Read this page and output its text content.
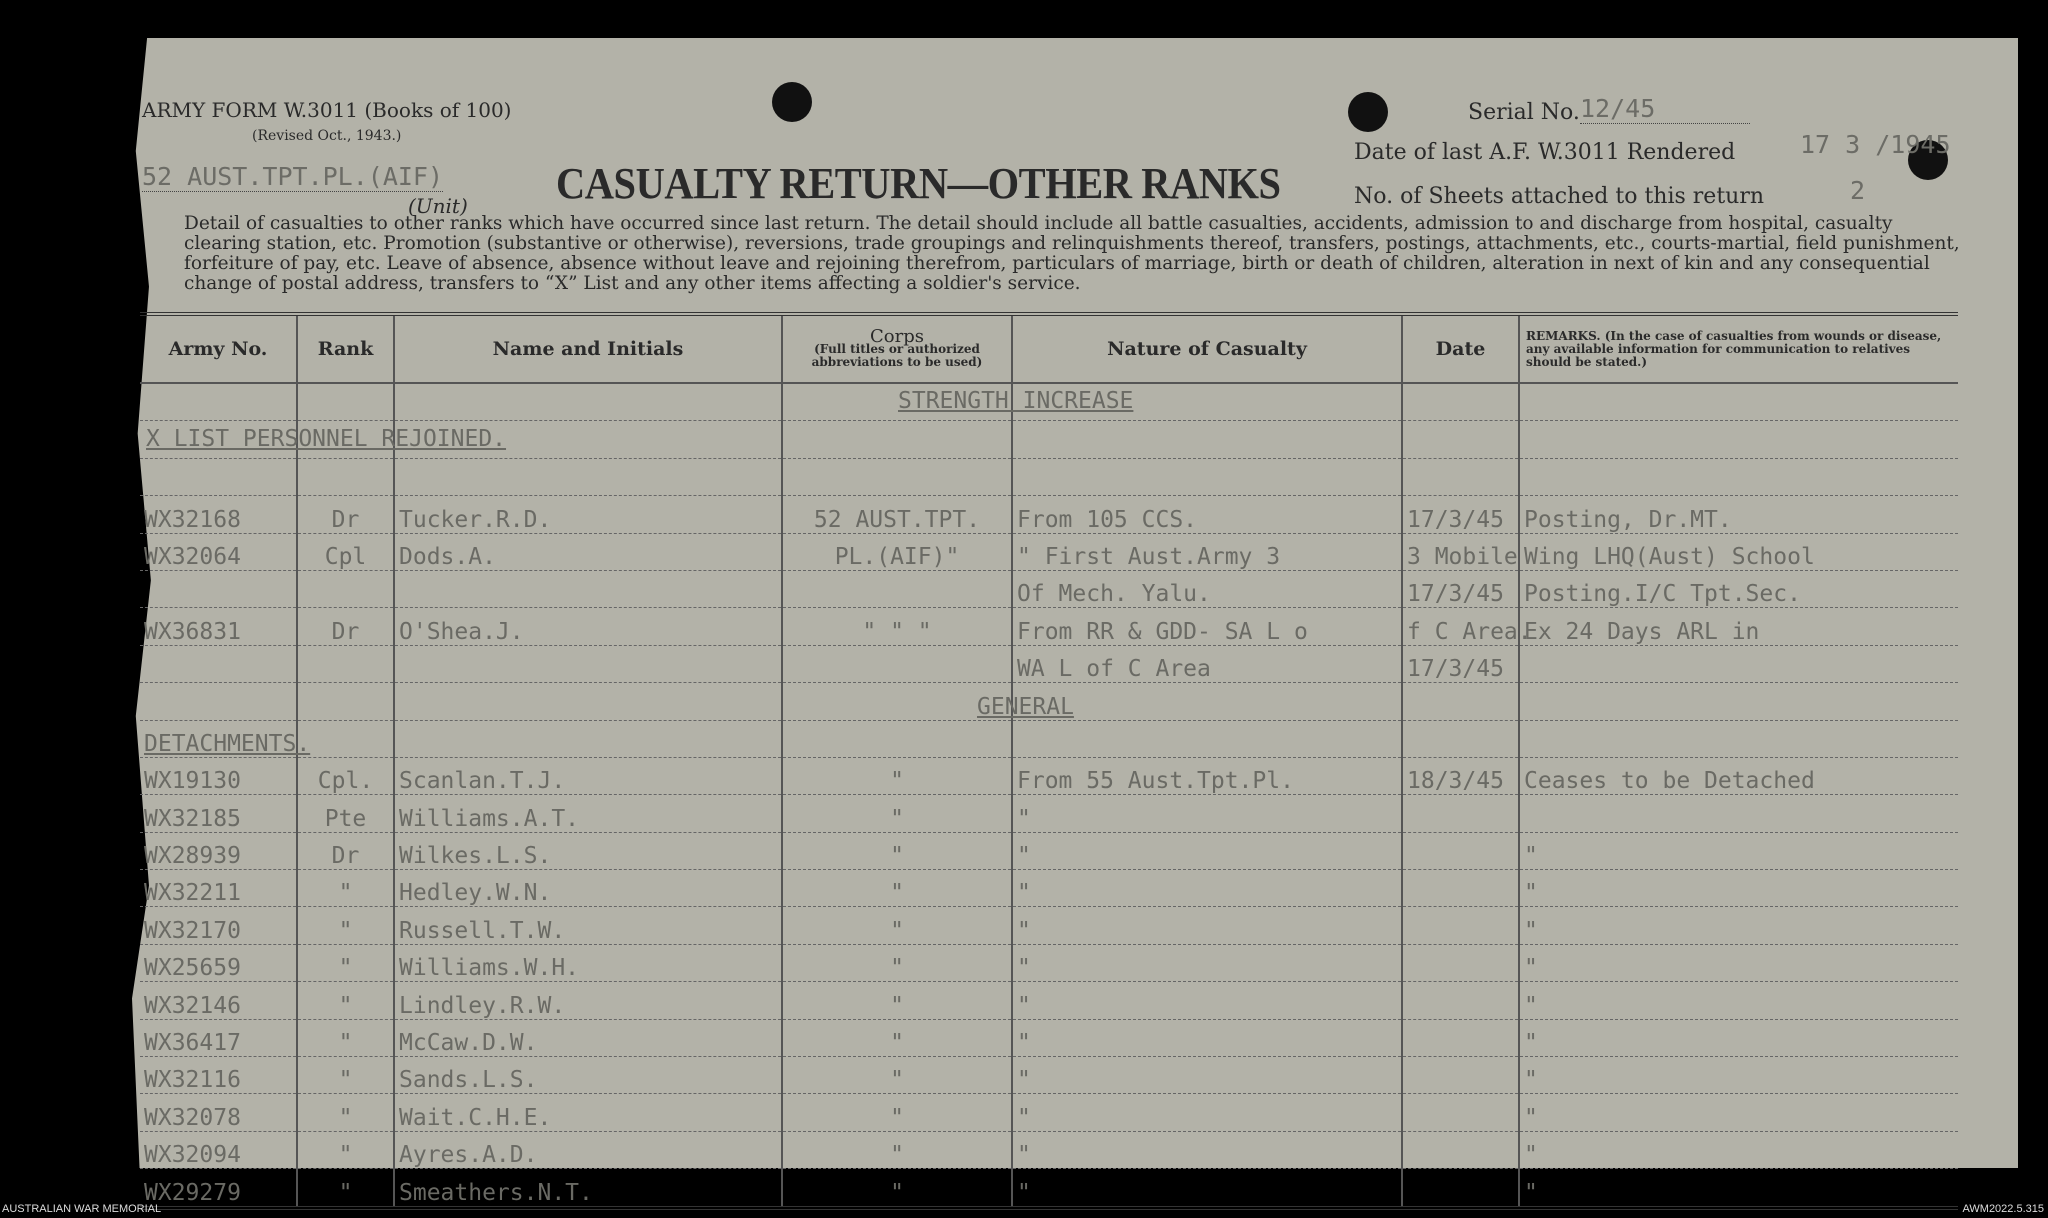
ARMY FORM W.3011 (Books of 100)
(Revised Oct., 1943.)
52 AUST.TPT.PL.(AIF)
(Unit) CASUALTY RETURN—OTHER RANKS
Serial No. 12/45
Date of last A.F. W.3011 Rendered	17 3 /1945
No. of Sheets attached to this return	2
Detail of casualties to other ranks which have occurred since last return. The detail should include all battle casualties, accidents, admission to and discharge from hospital, casualty clearing station, etc. Promotion (substantive or otherwise), reversions, trade groupings and relinquishments thereof, transfers, postings, attachments, etc., courts-martial, field punishment, forfeiture of pay, etc. Leave of absence, absence without leave and rejoining therefrom, particulars of marriage, birth or death of children, alteration in next of kin and any consequential change of postal address, transfers to “X” List and any other items affecting a soldier's service.
Army No.	Rank	Name and Initials	Corps
(Full titles or authorized abbreviations to be used)	Nature of Casualty	Date	REMARKS. (In the case of casualties from wounds or disease, any available information for communication to relatives should be stated.)

WX32168	Dr	Tucker.R.D.	52 AUST.TPT.	From 105 CCS.	17/3/45	Posting, Dr.MT.
WX32064	Cpl	Dods.A.	PL.(AIF)"	" First Aust.Army 3	3 Mobile	Wing LHQ(Aust) School
				Of Mech. Yalu.	17/3/45	Posting.I/C Tpt.Sec.
WX36831	Dr	O'Shea.J.	" " "	From RR & GDD- SA L o	f C Area.	Ex 24 Days ARL in
				WA L of C Area	17/3/45	
				GENERAL		
DETACHMENTS.						
WX19130	Cpl.	Scanlan.T.J.	"	From 55 Aust.Tpt.Pl.	18/3/45	Ceases to be Detached
WX32185	Pte	Williams.A.T.	"	"		
WX28939	Dr	Wilkes.L.S.	"	"		"
WX32211	"	Hedley.W.N.	"	"		"
WX32170	"	Russell.T.W.	"	"		"
WX25659	"	Williams.W.H.	"	"		"
WX32146	"	Lindley.R.W.	"	"		"
WX36417	"	McCaw.D.W.	"	"		"
WX32116	"	Sands.L.S.	"	"		"
WX32078	"	Wait.C.H.E.	"	"		"
WX32094	"	Ayres.A.D.	"	"		"
WX29279	"	Smeathers.N.T.	"	"		"
STRENGTH INCREASE
X LIST PERSONNEL REJOINED.
AUSTRALIAN WAR MEMORIAL	AWM2022.5.315
